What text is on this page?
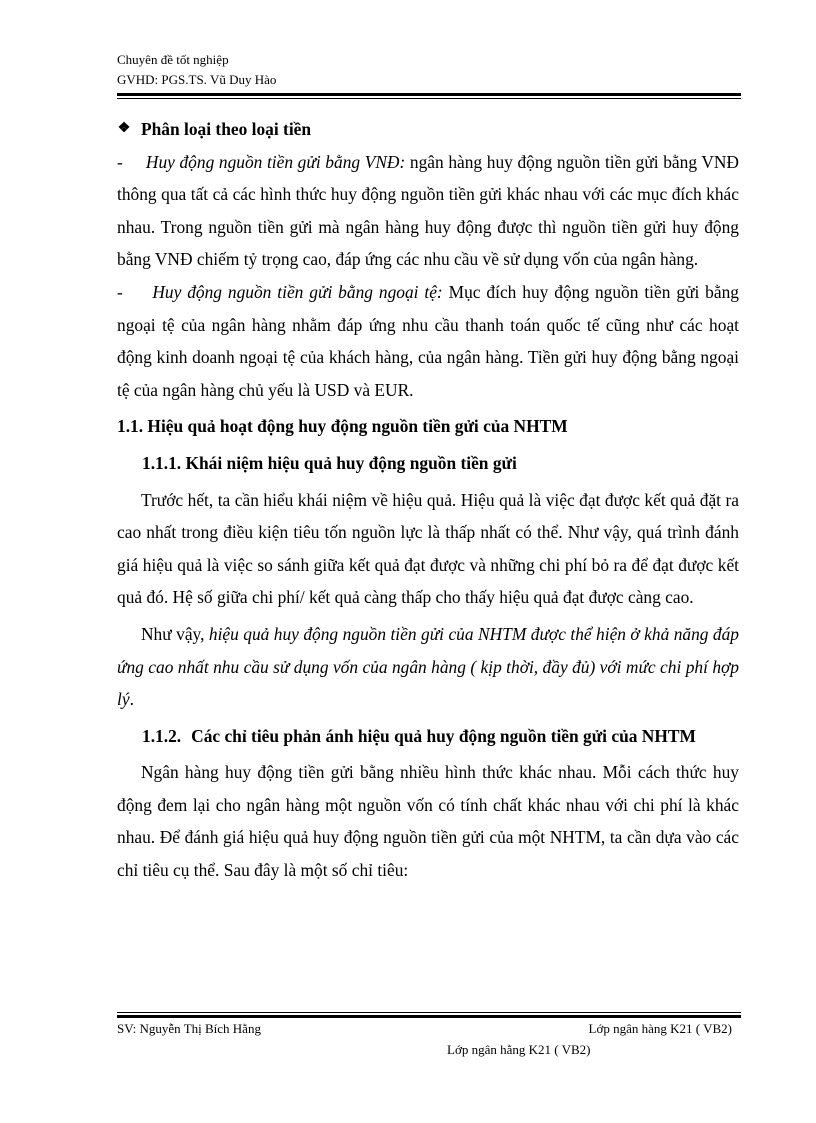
Chuyên đề tốt nghiệp
GVHD: PGS.TS. Vũ Duy Hào

❖ Phân loại theo loại tiền

- Huy động nguồn tiền gửi bằng VNĐ: ngân hàng huy động nguồn tiền gửi bằng VNĐ thông qua tất cả các hình thức huy động nguồn tiền gửi khác nhau với các mục đích khác nhau. Trong nguồn tiền gửi mà ngân hàng huy động được thì nguồn tiền gửi huy động bằng VNĐ chiếm tỷ trọng cao, đáp ứng các nhu cầu về sử dụng vốn của ngân hàng.

- Huy động nguồn tiền gửi bằng ngoại tệ: Mục đích huy động nguồn tiền gửi bằng ngoại tệ của ngân hàng nhằm đáp ứng nhu cầu thanh toán quốc tế cũng như các hoạt động kinh doanh ngoại tệ của khách hàng, của ngân hàng. Tiền gửi huy động bằng ngoại tệ của ngân hàng chủ yếu là USD và EUR.

1.1. Hiệu quả hoạt động huy động nguồn tiền gửi của NHTM

1.1.1. Khái niệm hiệu quả huy động nguồn tiền gửi

Trước hết, ta cần hiểu khái niệm về hiệu quả. Hiệu quả là việc đạt được kết quả đặt ra cao nhất trong điều kiện tiêu tốn nguồn lực là thấp nhất có thể. Như vậy, quá trình đánh giá hiệu quả là việc so sánh giữa kết quả đạt được và những chi phí bỏ ra để đạt được kết quả đó. Hệ số giữa chi phí/ kết quả càng thấp cho thấy hiệu quả đạt được càng cao.

Như vậy, hiệu quả huy động nguồn tiền gửi của NHTM được thể hiện ở khả năng đáp ứng cao nhất nhu cầu sử dụng vốn của ngân hàng ( kịp thời, đầy đủ) với mức chi phí hợp lý.

1.1.2. Các chỉ tiêu phản ánh hiệu quả huy động nguồn tiền gửi của NHTM

Ngân hàng huy động tiền gửi bằng nhiều hình thức khác nhau. Mỗi cách thức huy động đem lại cho ngân hàng một nguồn vốn có tính chất khác nhau với chi phí là khác nhau. Để đánh giá hiệu quả huy động nguồn tiền gửi của một NHTM, ta cần dựa vào các chỉ tiêu cụ thể. Sau đây là một số chỉ tiêu:

SV: Nguyễn Thị Bích Hằng	Lớp ngân hàng K21 ( VB2)
Lớp ngân hằng K21 ( VB2)
